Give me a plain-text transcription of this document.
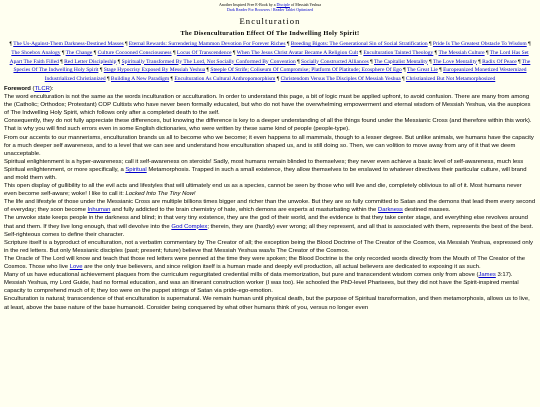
Another Inspired Free E-Book by a Disciple of Messiah Yeshua
Dark Reader For Browsers / Reader Tablet Optimized
Enculturation
The Disenculturation Effect Of The Indwelling Holy Spirit!
¶ The Us-Against-Them Darkness-Destined Masses ¶ Eternal Rewards: Surrendering Mammon Devotion For Forever Riches ¶ Breeding Bigots: The Generational Sin of Social Stratification ¶ Pride Is The Greatest Obstacle To Wisdom ¶ The Shoebox Analogy ¶ The Change ¶ Culture Cocooned Consciousness ¶ Locus Of Transcendence ¶ When The Jesus Christ Avatar Became A Religion Cult ¶ Enculturation Tainted Theology ¶ The Messiah Culture ¶ The Lord Has Set Apart The Faith Filled ¶ Red Letter Discipleship ¶ Spiritually Transformed By The Lord, Not Socially Conformed By Convention ¶ Socially Constructed Alliances ¶ The Capitalist Mentality ¶ The Love Mentality ¶ Radix Of Peace ¶ The Species Of The Indwelling Holy Spirit ¶ Stage Hypocrisy Exposed By Messiah Yeshua ¶ Steeple Of Strife; Coliseum Of Compromise; Platform Of Platitude; Ecosphere Of Ego ¶ The Great Lie ¶ Europeanized Monetized Westernized Industrialized Christianized ¶ Building A New Paradigm ¶ Enculturation As Cultural Anthropomorphism ¶ Christendom Versus The Disciples Of Messiah Yeshua ¶ Christianized But Not Metamorphosized

Foreword (TLCR):

The word enculturation is not the same as the words inculturation or acculturation. In order to understand this page, a bit of logic must be applied upfront, to avoid confusion. There are many from among the (Catholic; Orthodox; Protestant) COP Cultists who have never been formally educated, but who do not have the overwhelming empowerment and eternal wisdom of Messiah Yeshua, via the auspices of The Indwelling Holy Spirit, which follows only after a completed death to the self.

Consequently, they do not fully appreciate these differences, but knowing the difference is key to a deeper understanding of all the things found under the Messianic Cross (and therefore within this work). That is why you will find such errors even in some English dictionaries, who were written by these same kind of people (people-type).

From our accents to our mannerisms, enculturation brands us all to become who we become; it even happens to all mammals, though to a lesser degree. But unlike animals, we humans have the capacity for a much deeper self awareness, and to a level that we can see and understand how enculturation shaped us, and is still doing so. Then, we can volition to move away from any of it that we deem unacceptable.

Spiritual enlightenment is a hyper-awareness; call it self-awareness on steroids! Sadly, most humans remain blinded to themselves; they never even achieve a basic level of self-awareness, much less Spiritual enlightenment, or more specifically, a Spiritual Metamorphosis. Trapped in such a small existence, they allow themselves to be enslaved to whatever directives their particular culture, will brand and mold them with.

This open display of gullibility to all the evil acts and lifestyles that will ultimately end us as a species, cannot be seen by those who will live and die, completely oblivious to all of it. Most humans never even become self-aware; woke! I like to call it: Locked Into The Tiny Now!

The life and lifestyle of those under the Messianic Cross are multiple billions times bigger and richer than the unwoke. But they are so fully committed to Satan and the demons that lead them every second of everyday; they soon become Inhuman and fully addicted to the brain chemistry of hate, which demons are experts at masturbating within the Darkness destined masses.

The unwoke state keeps people in the darkness and blind; in that very tiny existence, they are the god of their world, and the evidence is that they take center stage, and everything else revolves around that and them. If they live long enough, that will devolve into the God Complex; therein, they are (hardly) ever wrong; all they represent, and all that is associated with them, represents the best of the best. Self-righteous comes to define their character.

Scripture itself is a byproduct of enculturation, not a verbatim commentary by The Creator of all; the exception being the Blood Doctrine of The Creator of the Cosmos, via Messiah Yeshua, expressed only in the red letters. But only Messianic disciples (past; present; future) believe that Messiah Yeshua was/is The Creator of the Cosmos.

The Oracle of The Lord will know and teach that those red letters were penned at the time they were spoken; the Blood Doctrine is the only recorded words directly from the Mouth of The Creator of the Cosmos. Those who live Love are the only true believers, and since religion itself is a human made and deeply evil production, all actual believers are dedicated to exposing it as such.

Many of us have educational achievement plaques from the curriculum regurgitated credential mills of data memorization, but pure and transcendent wisdom comes only from above (James 3:17). Messiah Yeshua, my Lord Guide, had no formal education, and was an itinerant construction worker (I was too). He schooled the PhD-level Pharisees, but they did not have the Spirit-inspired mental capacity to comprehend much of it; they too were on the puppet strings of Satan via pride-ego-emotion.

Enculturation is natural; transcendence of that enculturation is supernatural. We remain human until physical death, but the purpose of Spiritual transformation, and then metamorphosis, allows us to live, at least, above the base nature of the base humanoid. Consider being conquered by what other humans think of you, versus no longer even
